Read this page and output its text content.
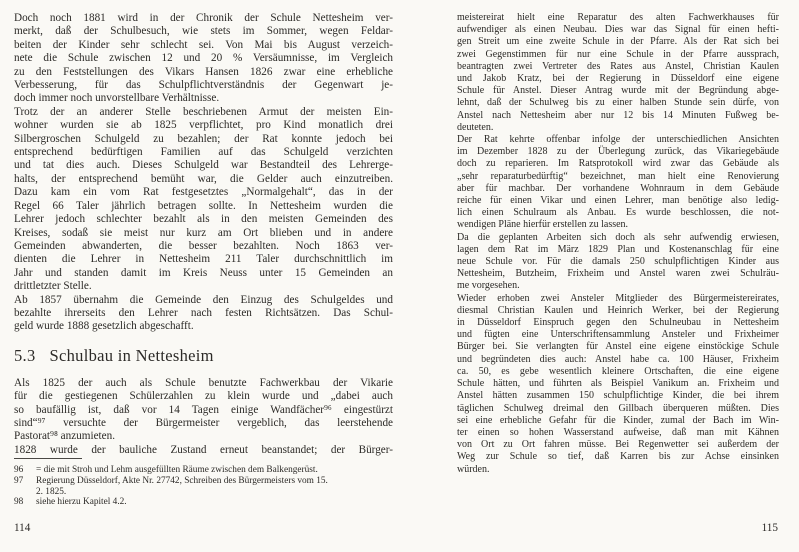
Doch noch 1881 wird in der Chronik der Schule Nettesheim ver-
merkt, daß der Schulbesuch, wie stets im Sommer, wegen Feldar-
beiten der Kinder sehr schlecht sei. Von Mai bis August verzeich-
nete die Schule zwischen 12 und 20 % Versäumnisse, im Vergleich
zu den Feststellungen des Vikars Hansen 1826 zwar eine erhebliche
Verbesserung, für das Schulpflichtverständnis der Gegenwart je-
doch immer noch unvorstellbare Verhältnisse.

Trotz der an anderer Stelle beschriebenen Armut der meisten Ein-
wohner wurden sie ab 1825 verpflichtet, pro Kind monatlich drei
Silbergroschen Schulgeld zu bezahlen; der Rat konnte jedoch bei
entsprechend bedürftigen Familien auf das Schulgeld verzichten
und tat dies auch. Dieses Schulgeld war Bestandteil des Lehrerge-
halts, der entsprechend bemüht war, die Gelder auch einzutreiben.
Dazu kam ein vom Rat festgesetztes „Normalgehalt“, das in der
Regel 66 Taler jährlich betragen sollte. In Nettesheim wurden die
Lehrer jedoch schlechter bezahlt als in den meisten Gemeinden des
Kreises, sodaß sie meist nur kurz am Ort blieben und in andere
Gemeinden abwanderten, die besser bezahlten. Noch 1863 ver-
dienten die Lehrer in Nettesheim 211 Taler durchschnittlich im
Jahr und standen damit im Kreis Neuss unter 15 Gemeinden an
drittletzter Stelle.

Ab 1857 übernahm die Gemeinde den Einzug des Schulgeldes und
bezahlte ihrerseits den Lehrer nach festen Richtsätzen. Das Schul-
geld wurde 1888 gesetzlich abgeschafft.

5.3 Schulbau in Nettesheim

Als 1825 der auch als Schule benutzte Fachwerkbau der Vikarie
für die gestiegenen Schülerzahlen zu klein wurde und „dabei auch
so baufällig ist, daß vor 14 Tagen einige Wandfächer⁹⁶ eingestürzt
sind“⁹⁷ versuchte der Bürgermeister vergeblich, das leerstehende
Pastorat⁹⁸ anzumieten.

1828 wurde der bauliche Zustand erneut beanstandet; der Bürger-

96	= die mit Stroh und Lehm ausgefüllten Räume zwischen dem Balkengerüst.
97	Regierung Düsseldorf, Akte Nr. 27742, Schreiben des Bürgermeisters vom 15.
2. 1825.
98	siehe hierzu Kapitel 4.2.
114

meistereirat hielt eine Reparatur des alten Fachwerkhauses für
aufwendiger als einen Neubau. Dies war das Signal für einen hefti-
gen Streit um eine zweite Schule in der Pfarre. Als der Rat sich bei
zwei Gegenstimmen für nur eine Schule in der Pfarre aussprach,
beantragten zwei Vertreter des Rates aus Anstel, Christian Kaulen
und Jakob Kratz, bei der Regierung in Düsseldorf eine eigene
Schule für Anstel. Dieser Antrag wurde mit der Begründung abge-
lehnt, daß der Schulweg bis zu einer halben Stunde sein dürfe, von
Anstel nach Nettesheim aber nur 12 bis 14 Minuten Fußweg be-
deuteten.

Der Rat kehrte offenbar infolge der unterschiedlichen Ansichten
im Dezember 1828 zu der Überlegung zurück, das Vikariegebäude
doch zu reparieren. Im Ratsprotokoll wird zwar das Gebäude als
„sehr reparaturbedürftig“ bezeichnet, man hielt eine Renovierung
aber für machbar. Der vorhandene Wohnraum in dem Gebäude
reiche für einen Vikar und einen Lehrer, man benötige also ledig-
lich einen Schulraum als Anbau. Es wurde beschlossen, die not-
wendigen Pläne hierfür erstellen zu lassen.

Da die geplanten Arbeiten sich doch als sehr aufwendig erwiesen,
lagen dem Rat im März 1829 Plan und Kostenanschlag für eine
neue Schule vor. Für die damals 250 schulpflichtigen Kinder aus
Nettesheim, Butzheim, Frixheim und Anstel waren zwei Schulräu-
me vorgesehen.

Wieder erhoben zwei Ansteler Mitglieder des Bürgermeistereirates,
diesmal Christian Kaulen und Heinrich Werker, bei der Regierung
in Düsseldorf Einspruch gegen den Schulneubau in Nettesheim
und fügten eine Unterschriftensammlung Ansteler und Frixheimer
Bürger bei. Sie verlangten für Anstel eine eigene einstöckige Schule
und begründeten dies auch: Anstel habe ca. 100 Häuser, Frixheim
ca. 50, es gebe wesentlich kleinere Ortschaften, die eine eigene
Schule hätten, und führten als Beispiel Vanikum an. Frixheim und
Anstel hätten zusammen 150 schulpflichtige Kinder, die bei ihrem
täglichen Schulweg dreimal den Gillbach überqueren müßten. Dies
sei eine erhebliche Gefahr für die Kinder, zumal der Bach im Win-
ter einen so hohen Wasserstand aufweise, daß man mit Kähnen
von Ort zu Ort fahren müsse. Bei Regenwetter sei außerdem der
Weg zur Schule so tief, daß Karren bis zur Achse einsinken
würden.

115
